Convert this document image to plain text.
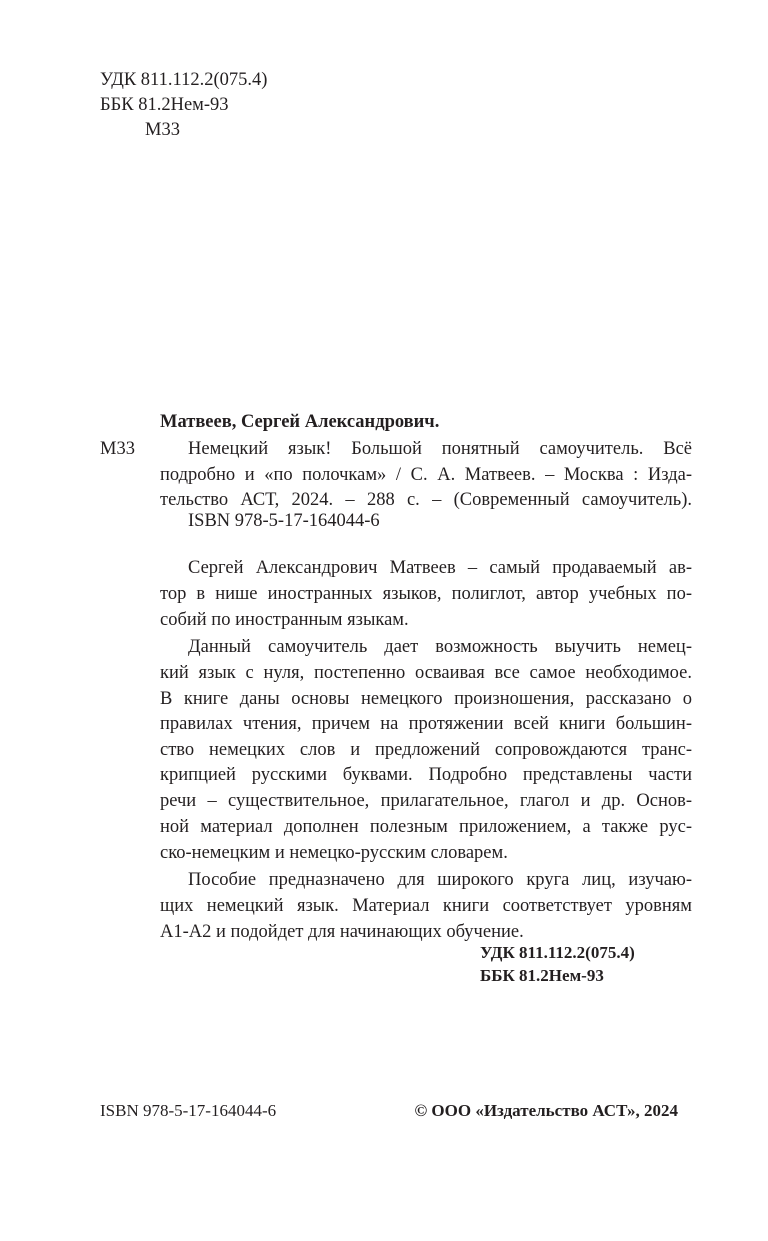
УДК 811.112.2(075.4)
ББК 81.2Нем-93
М33
Матвеев, Сергей Александрович.
М33	Немецкий язык! Большой понятный самоучитель. Всё
подробно и «по полочкам» / С. А. Матвеев. – Москва : Изда-
тельство АСТ, 2024. – 288 с. – (Современный самоучитель).
ISBN 978-5-17-164044-6
Сергей Александрович Матвеев – самый продаваемый ав-
тор в нише иностранных языков, полиглот, автор учебных по-
собий по иностранным языкам.
Данный самоучитель дает возможность выучить немец-
кий язык с нуля, постепенно осваивая все самое необходимое.
В книге даны основы немецкого произношения, рассказано о
правилах чтения, причем на протяжении всей книги большин-
ство немецких слов и предложений сопровождаются транс-
крипцией русскими буквами. Подробно представлены части
речи – существительное, прилагательное, глагол и др. Основ-
ной материал дополнен полезным приложением, а также рус-
ско-немецким и немецко-русским словарем.
Пособие предназначено для широкого круга лиц, изучаю-
щих немецкий язык. Материал книги соответствует уровням
А1-А2 и подойдет для начинающих обучение.
УДК 811.112.2(075.4)
ББК 81.2Нем-93
ISBN 978-5-17-164044-6	© ООО «Издательство АСТ», 2024
